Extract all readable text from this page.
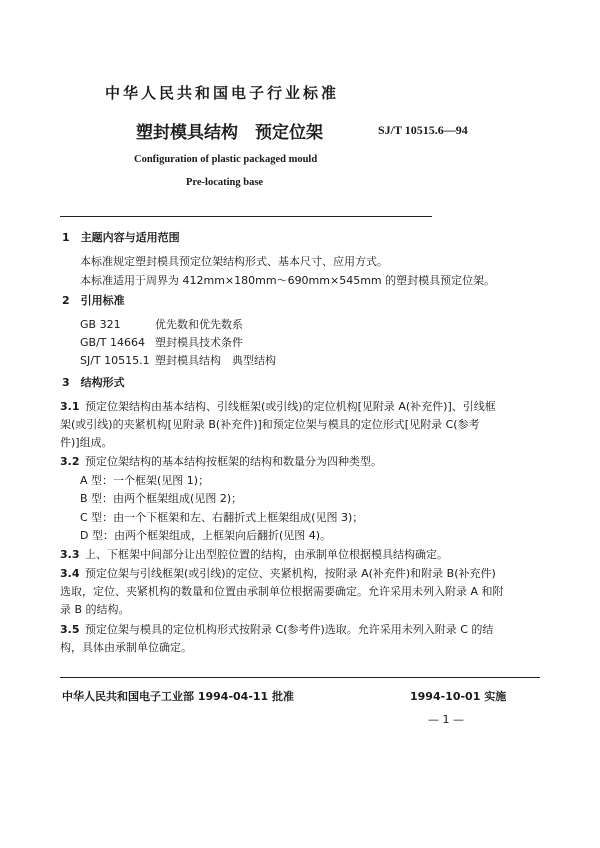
中华人民共和国电子行业标准
塑封模具结构　预定位架	SJ/T 10515.6—94
Configuration of plastic packaged mould
Pre-locating base
1　主题内容与适用范围
本标准规定塑封模具预定位架结构形式、基本尺寸、应用方式。
本标准适用于周界为 412mm×180mm～690mm×545mm 的塑封模具预定位架。
2　引用标准
GB 321	优先数和优先数系
GB/T 14664 塑封模具技术条件
SJ/T 10515.1 塑封模具结构　典型结构
3　结构形式
3.1 预定位架结构由基本结构、引线框架(或引线)的定位机构[见附录 A(补充件)]、引线框
架(或引线)的夹紧机构[见附录 B(补充件)]和预定位架与模具的定位形式[见附录 C(参考
件)]组成。
3.2 预定位架结构的基本结构按框架的结构和数量分为四种类型。
A 型：一个框架(见图 1)；
B 型：由两个框架组成(见图 2)；
C 型：由一个下框架和左、右翻折式上框架组成(见图 3)；
D 型：由两个框架组成，上框架向后翻折(见图 4)。
3.3 上、下框架中间部分让出型腔位置的结构，由承制单位根据模具结构确定。
3.4 预定位架与引线框架(或引线)的定位、夹紧机构，按附录 A(补充件)和附录 B(补充件)
选取，定位、夹紧机构的数量和位置由承制单位根据需要确定。允许采用未列入附录 A 和附
录 B 的结构。
3.5 预定位架与模具的定位机构形式按附录 C(参考件)选取。允许采用未列入附录 C 的结
构，具体由承制单位确定。
中华人民共和国电子工业部 1994-04-11 批准	1994-10-01 实施
— 1 —
